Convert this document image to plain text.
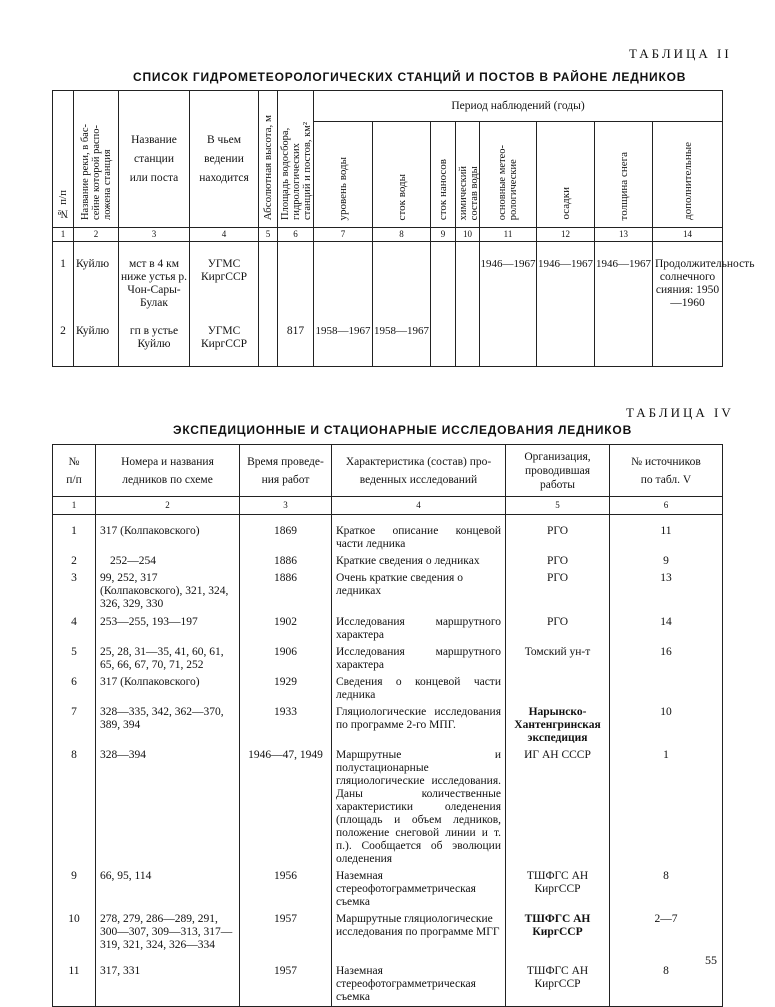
ТАБЛИЦА II
СПИСОК ГИДРОМЕТЕОРОЛОГИЧЕСКИХ СТАНЦИЙ И ПОСТОВ В РАЙОНЕ ЛЕДНИКОВ
№ п/п	Название реки, в бас-
сейне которой распо-
ложена станция	Название
станции
или поста	В чьем
ведении
находится	Абсолютная высота, м	Площадь водосбора,
гидрологических
станций и постов, км²	Период наблюдений (годы)							
						уровень воды	сток воды	сток наносов	химический
состав воды	основные метео-
рологические	осадки	толщина снега	дополнительные
1	2	3	4	5	6	7	8	9	10	11	12	13	14
1	Куйлю	мст в 4 км ниже устья р. Чон-Сары-Булак	УГМС КиргССР							1946—1967	1946—1967	1946—1967	Продолжительность солнечного сияния: 1950—1960
2	Куйлю	гп в устье Куйлю	УГМС КиргССР		817	1958—1967	1958—1967						
ТАБЛИЦА IV
ЭКСПЕДИЦИОННЫЕ И СТАЦИОНАРНЫЕ ИССЛЕДОВАНИЯ ЛЕДНИКОВ
№
п/п	Номера и названия
ледников по схеме	Время проведе-
ния работ	Характеристика (состав) про-
веденных исследований	Организация,
проводившая
работы	№ источников
по табл. V
1	2	3	4	5	6
1	317 (Колпаковского)	1869	Краткое описание концевой части ледника	РГО	11
2	252—254	1886	Краткие сведения о ледниках	РГО	9
3	99, 252, 317 (Колпаковского), 321, 324, 326, 329, 330	1886	Очень краткие сведения о ледниках	РГО	13
4	253—255, 193—197	1902	Исследования маршрутного характера	РГО	14
5	25, 28, 31—35, 41, 60, 61, 65, 66, 67, 70, 71, 252	1906	Исследования маршрутного характера	Томский ун-т	16
6	317 (Колпаковского)	1929	Сведения о концевой части ледника		
7	328—335, 342, 362—370, 389, 394	1933	Гляциологические исследования по программе 2-го МПГ.	Нарынско-Хантенгринская экспедиция	10
8	328—394	1946—47, 1949	Маршрутные и полустационарные гляциологические исследования. Даны количественные характеристики оледенения (площадь и объем ледников, положение снеговой линии и т. п.). Сообщается об эволюции оледенения	ИГ АН СССР	1
9	66, 95, 114	1956	Наземная стереофотограмметрическая съемка	ТШФГС АН КиргССР	8
10	278, 279, 286—289, 291, 300—307, 309—313, 317—319, 321, 324, 326—334	1957	Маршрутные гляциологические исследования по программе МГГ	ТШФГС АН КиргССР	2—7
11	317, 331	1957	Наземная стереофотограмметрическая съемка	ТШФГС АН КиргССР	8
55
